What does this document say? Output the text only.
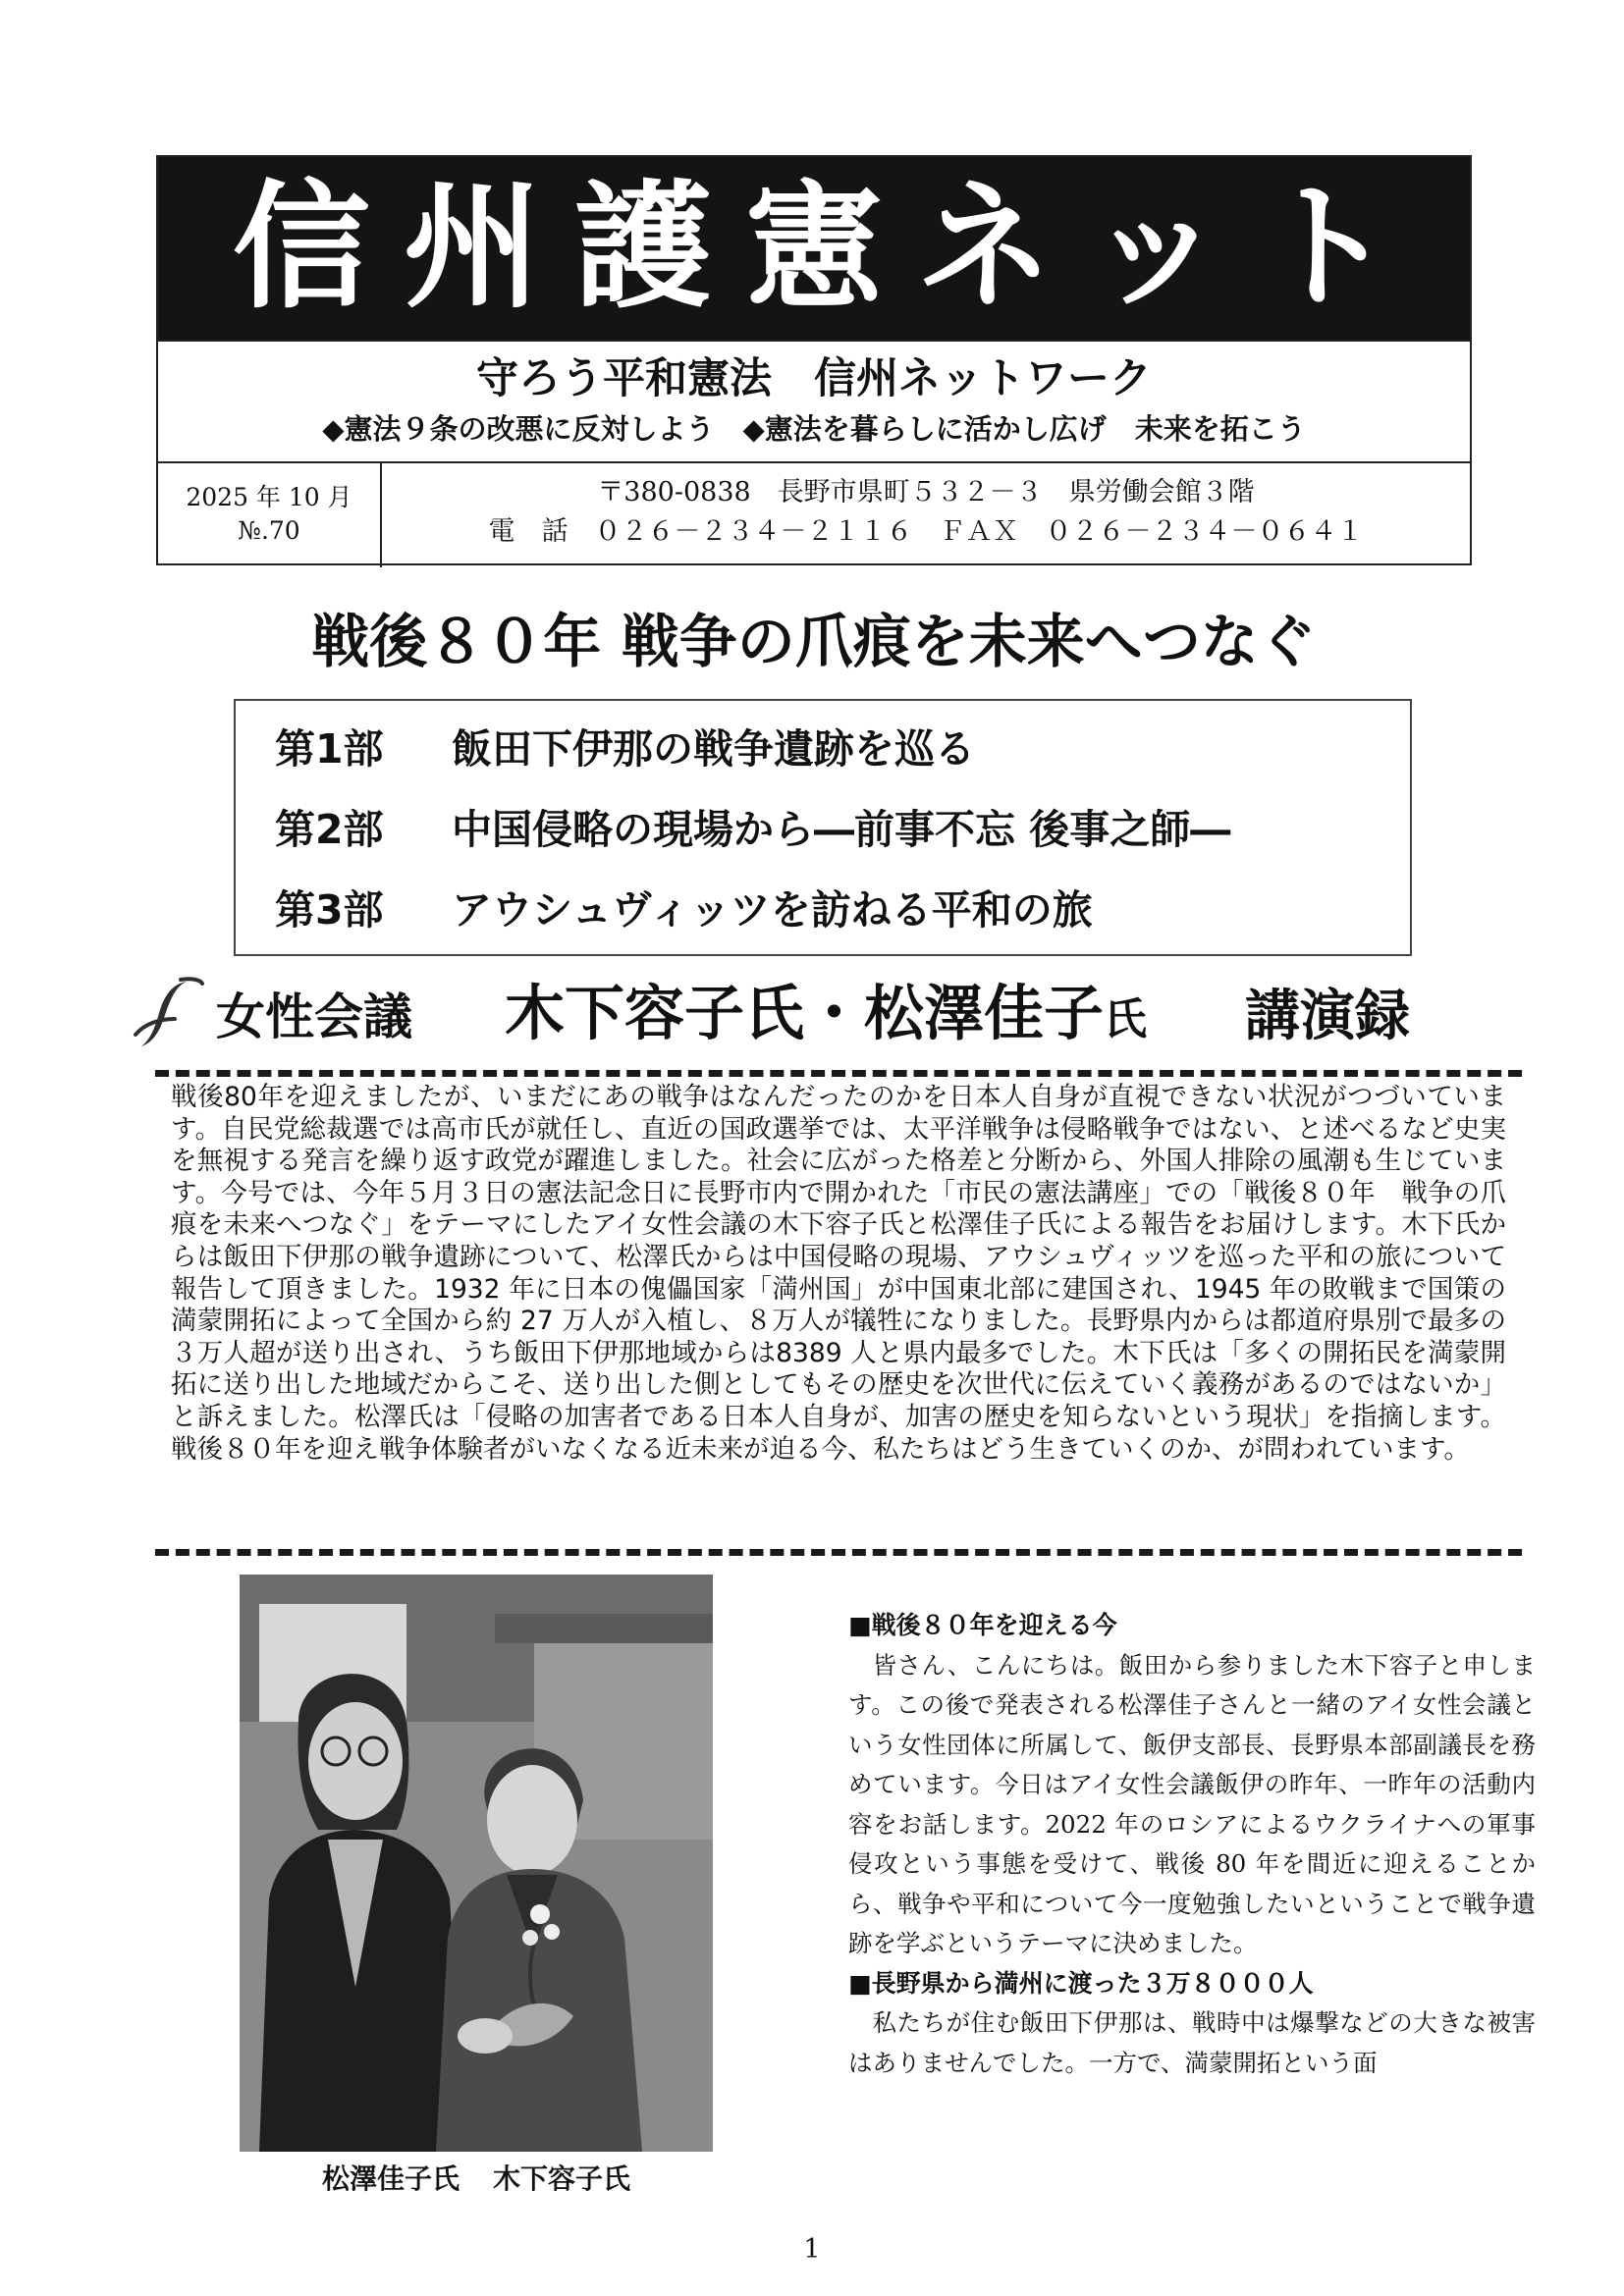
信州護憲ネット
守ろう平和憲法　信州ネットワーク
◆憲法９条の改悪に反対しよう　◆憲法を暮らしに活かし広げ　未来を拓こう
2025 年 10 月
№.70
〒380-0838　長野市県町５３２－３　県労働会館３階
電　話　０２６－２３４－２１１６　ＦＡＸ　０２６－２３４－０６４１
戦後８０年 戦争の爪痕を未来へつなぐ
第1部 飯田下伊那の戦争遺跡を巡る
第2部 中国侵略の現場から―前事不忘 後事之師―
第3部 アウシュヴィッツを訪ねる平和の旅
女性会議 木下容子氏・松澤佳子氏 講演録

戦後80年を迎えましたが、いまだにあの戦争はなんだったのかを日本人自身が直視できない状況がつづいています。自民党総裁選では高市氏が就任し、直近の国政選挙では、太平洋戦争は侵略戦争ではない、と述べるなど史実を無視する発言を繰り返す政党が躍進しました。社会に広がった格差と分断から、外国人排除の風潮も生じています。今号では、今年５月３日の憲法記念日に長野市内で開かれた「市民の憲法講座」での「戦後８０年　戦争の爪痕を未来へつなぐ」をテーマにしたアイ女性会議の木下容子氏と松澤佳子氏による報告をお届けします。木下氏からは飯田下伊那の戦争遺跡について、松澤氏からは中国侵略の現場、アウシュヴィッツを巡った平和の旅について報告して頂きました。1932 年に日本の傀儡国家「満州国」が中国東北部に建国され、1945 年の敗戦まで国策の満蒙開拓によって全国から約 27 万人が入植し、８万人が犠牲になりました。長野県内からは都道府県別で最多の３万人超が送り出され、うち飯田下伊那地域からは8389 人と県内最多でした。木下氏は「多くの開拓民を満蒙開拓に送り出した地域だからこそ、送り出した側としてもその歴史を次世代に伝えていく義務があるのではないか」と訴えました。松澤氏は「侵略の加害者である日本人自身が、加害の歴史を知らないという現状」を指摘します。戦後８０年を迎え戦争体験者がいなくなる近未来が迫る今、私たちはどう生きていくのか、が問われています。

松澤佳子氏 木下容子氏
■戦後８０年を迎える今

皆さん、こんにちは。飯田から参りました木下容子と申します。この後で発表される松澤佳子さんと一緒のアイ女性会議という女性団体に所属して、飯伊支部長、長野県本部副議長を務めています。今日はアイ女性会議飯伊の昨年、一昨年の活動内容をお話します。2022 年のロシアによるウクライナへの軍事侵攻という事態を受けて、戦後 80 年を間近に迎えることから、戦争や平和について今一度勉強したいということで戦争遺跡を学ぶというテーマに決めました。

■長野県から満州に渡った３万８０００人

私たちが住む飯田下伊那は、戦時中は爆撃などの大きな被害はありませんでした。一方で、満蒙開拓という面

1
